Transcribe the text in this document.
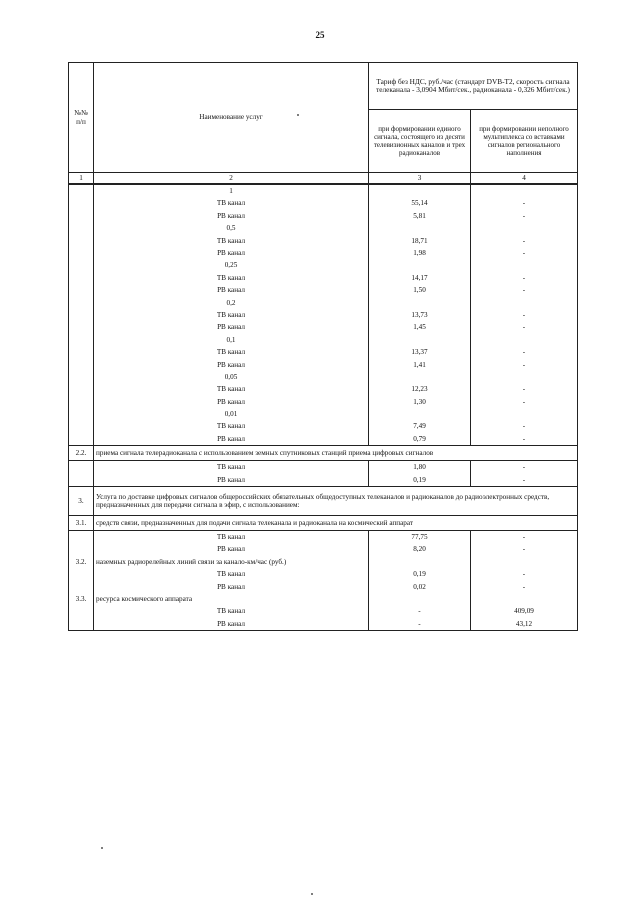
25
№№ п/п	Наименование услуг	Тариф без НДС, руб./час (стандарт DVB-T2, скорость сигнала телеканала - 3,0904 Мбит/сек., радиоканала - 0,326 Мбит/сек.)	
		при формировании единого сигнала, состоящего из десяти телевизионных каналов и трех радиоканалов	при формировании неполного мультиплекса со вставками сигналов регионального наполнения
1	2	3	4
	1		
	ТВ канал	55,14	-
	РВ канал	5,81	-
	0,5		
	ТВ канал	18,71	-
	РВ канал	1,98	-
	0,25		
	ТВ канал	14,17	-
	РВ канал	1,50	-
	0,2		
	ТВ канал	13,73	-
	РВ канал	1,45	-
	0,1		
	ТВ канал	13,37	-
	РВ канал	1,41	-
	0,05		
	ТВ канал	12,23	-
	РВ канал	1,30	-
	0,01		
	ТВ канал	7,49	-
	РВ канал	0,79	-
2.2.	приема сигнала телерадиоканала с использованием земных спутниковых станций приема цифровых сигналов		
	ТВ канал	1,80	-
	РВ канал	0,19	-
3.	Услуга по доставке цифровых сигналов общероссийских обязательных общедоступных телеканалов и радиоканалов до радиоэлектронных средств, предназначенных для передачи сигнала в эфир, с использованием:		
3.1.	средств связи, предназначенных для подачи сигнала телеканала и радиоканала на космический аппарат		
	ТВ канал	77,75	-
	РВ канал	8,20	-
3.2.	наземных радиорелейных линий связи за канало-км/час (руб.)		
	ТВ канал	0,19	-
	РВ канал	0,02	-
3.3.	ресурса космического аппарата		
	ТВ канал	-	409,09
	РВ канал	-	43,12
